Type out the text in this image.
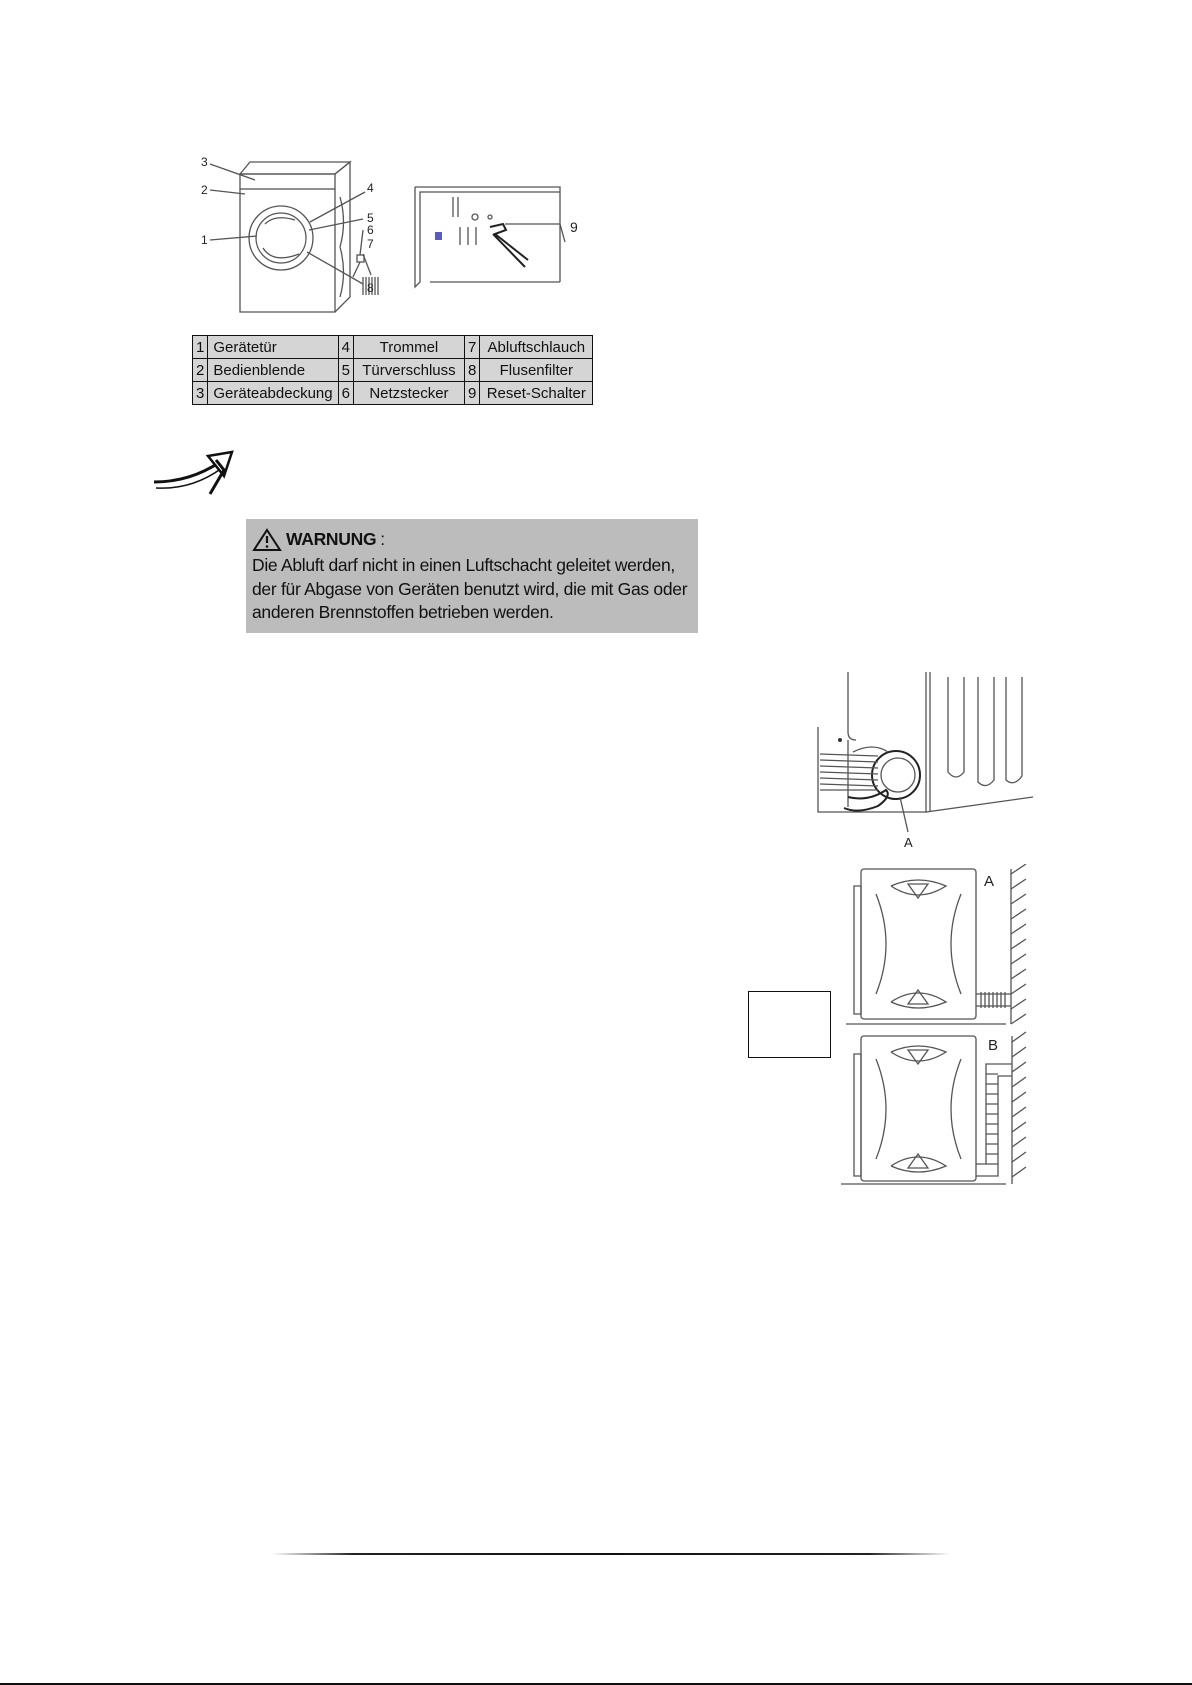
3
2
1
4
5
6
7
8
9
1	Gerätetür	4	Trommel	7	Abluftschlauch
2	Bedienblende	5	Türverschluss	8	Flusenfilter
3	Geräteabdeckung	6	Netzstecker	9	Reset-Schalter
WARNUNG :
Die Abluft darf nicht in einen Luftschacht geleitet werden,
der für Abgase von Geräten benutzt wird, die mit Gas oder
anderen Brennstoffen betrieben werden.
A
A
B
